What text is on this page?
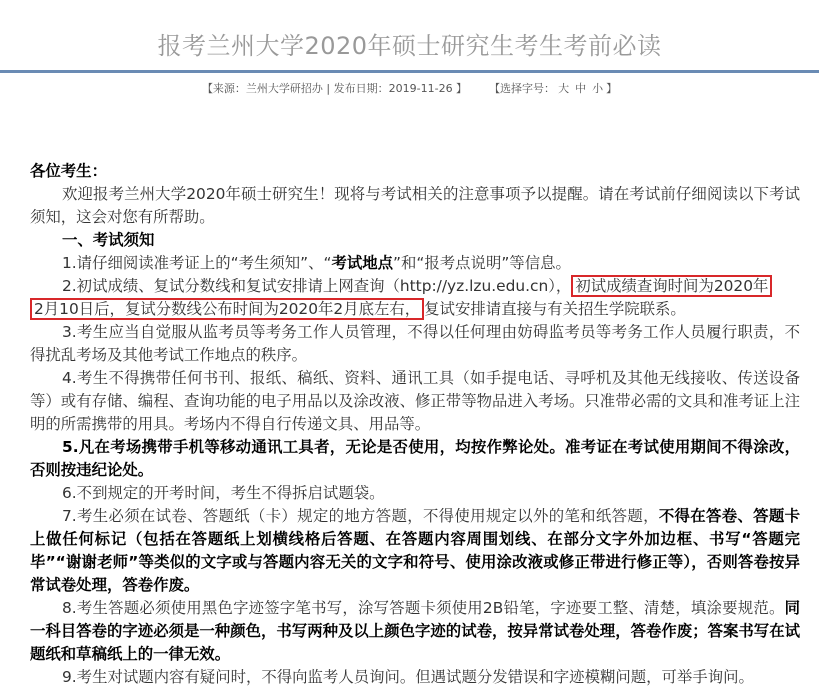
报考兰州大学2020年硕士研究生考生考前必读
【来源：兰州大学研招办 | 发布日期：2019-11-26 】 【选择字号： 大 中 小 】

各位考生：

欢迎报考兰州大学2020年硕士研究生！现将与考试相关的注意事项予以提醒。请在考试前仔细阅读以下考试须知，这会对您有所帮助。

一、考试须知

1.请仔细阅读准考证上的“考生须知”、“考试地点”和“报考点说明”等信息。

2.初试成绩、复试分数线和复试安排请上网查询（http://yz.lzu.edu.cn）， 初试成绩查询时间为2020年
2月10日后，复试分数线公布时间为2020年2月底左右， 复试安排请直接与有关招生学院联系。

3.考生应当自觉服从监考员等考务工作人员管理，不得以任何理由妨碍监考员等考务工作人员履行职责，不得扰乱考场及其他考试工作地点的秩序。

4.考生不得携带任何书刊、报纸、稿纸、资料、通讯工具（如手提电话、寻呼机及其他无线接收、传送设备等）或有存储、编程、查询功能的电子用品以及涂改液、修正带等物品进入考场。只准带必需的文具和准考证上注明的所需携带的用具。考场内不得自行传递文具、用品等。

5.凡在考场携带手机等移动通讯工具者，无论是否使用，均按作弊论处。准考证在考试使用期间不得涂改，否则按违纪论处。

6.不到规定的开考时间，考生不得拆启试题袋。

7.考生必须在试卷、答题纸（卡）规定的地方答题，不得使用规定以外的笔和纸答题，不得在答卷、答题卡上做任何标记（包括在答题纸上划横线格后答题、在答题内容周围划线、在部分文字外加边框、书写“答题完毕”“谢谢老师”等类似的文字或与答题内容无关的文字和符号、使用涂改液或修正带进行修正等），否则答卷按异常试卷处理，答卷作废。

8.考生答题必须使用黑色字迹签字笔书写，涂写答题卡须使用2B铅笔，字迹要工整、清楚，填涂要规范。同一科目答卷的字迹必须是一种颜色，书写两种及以上颜色字迹的试卷，按异常试卷处理，答卷作废；答案书写在试题纸和草稿纸上的一律无效。

9.考生对试题内容有疑问时，不得向监考人员询问。但遇试题分发错误和字迹模糊问题，可举手询问。
